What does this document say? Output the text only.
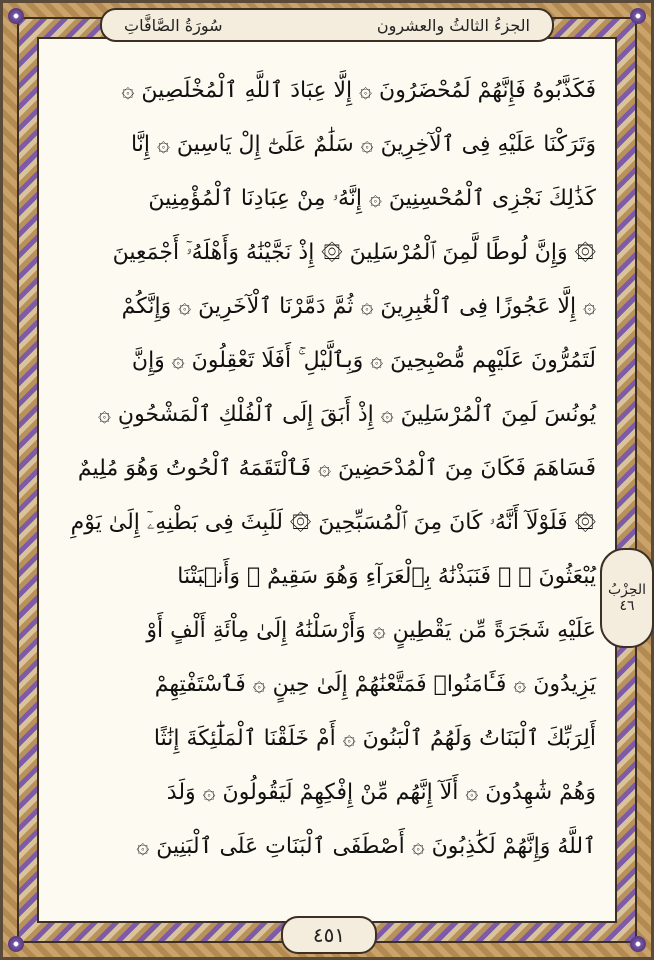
الجزءُ الثالثُ والعشرون
سُورَةُ الصَّافَّاتِ
فَكَذَّبُوهُ فَإِنَّهُمْ لَمُحْضَرُونَ ۞ إِلَّا عِبَادَ ٱللَّهِ ٱلْمُخْلَصِينَ ۞
وَتَرَكْنَا عَلَيْهِ فِى ٱلْآخِرِينَ ۞ سَلَٰمٌ عَلَىٰٓ إِلْ يَاسِينَ ۞ إِنَّا
كَذَٰلِكَ نَجْزِى ٱلْمُحْسِنِينَ ۞ إِنَّهُۥ مِنْ عِبَادِنَا ٱلْمُؤْمِنِينَ
۞ وَإِنَّ لُوطًا لَّمِنَ ٱلْمُرْسَلِينَ ۞ إِذْ نَجَّيْنَٰهُ وَأَهْلَهُۥٓ أَجْمَعِينَ
۞ إِلَّا عَجُوزًا فِى ٱلْغَٰبِرِينَ ۞ ثُمَّ دَمَّرْنَا ٱلْآخَرِينَ ۞ وَإِنَّكُمْ
لَتَمُرُّونَ عَلَيْهِم مُّصْبِحِينَ ۞ وَبِٱلَّيْلِ ۚ أَفَلَا تَعْقِلُونَ ۞ وَإِنَّ
يُونُسَ لَمِنَ ٱلْمُرْسَلِينَ ۞ إِذْ أَبَقَ إِلَى ٱلْفُلْكِ ٱلْمَشْحُونِ ۞
فَسَاهَمَ فَكَانَ مِنَ ٱلْمُدْحَضِينَ ۞ فَٱلْتَقَمَهُ ٱلْحُوتُ وَهُوَ مُلِيمٌ
۞ فَلَوْلَآ أَنَّهُۥ كَانَ مِنَ ٱلْمُسَبِّحِينَ ۞ لَلَبِثَ فِى بَطْنِهِۦٓ إِلَىٰ يَوْمِ
يُبْعَثُونَ ۞ ۞ فَنَبَذْنَٰهُ بِٱلْعَرَآءِ وَهُوَ سَقِيمٌ ۞ وَأَنۢبَتْنَا
عَلَيْهِ شَجَرَةً مِّن يَقْطِينٍ ۞ وَأَرْسَلْنَٰهُ إِلَىٰ مِاْئَةِ أَلْفٍ أَوْ
يَزِيدُونَ ۞ فَـَٔامَنُوا۟ فَمَتَّعْنَٰهُمْ إِلَىٰ حِينٍ ۞ فَٱسْتَفْتِهِمْ
أَلِرَبِّكَ ٱلْبَنَاتُ وَلَهُمُ ٱلْبَنُونَ ۞ أَمْ خَلَقْنَا ٱلْمَلَٰٓئِكَةَ إِنَٰثًا
وَهُمْ شَٰهِدُونَ ۞ أَلَآ إِنَّهُم مِّنْ إِفْكِهِمْ لَيَقُولُونَ ۞ وَلَدَ
ٱللَّهُ وَإِنَّهُمْ لَكَٰذِبُونَ ۞ أَصْطَفَى ٱلْبَنَاتِ عَلَى ٱلْبَنِينَ ۞
الحِزْبُ
٤٦
٤٥١
